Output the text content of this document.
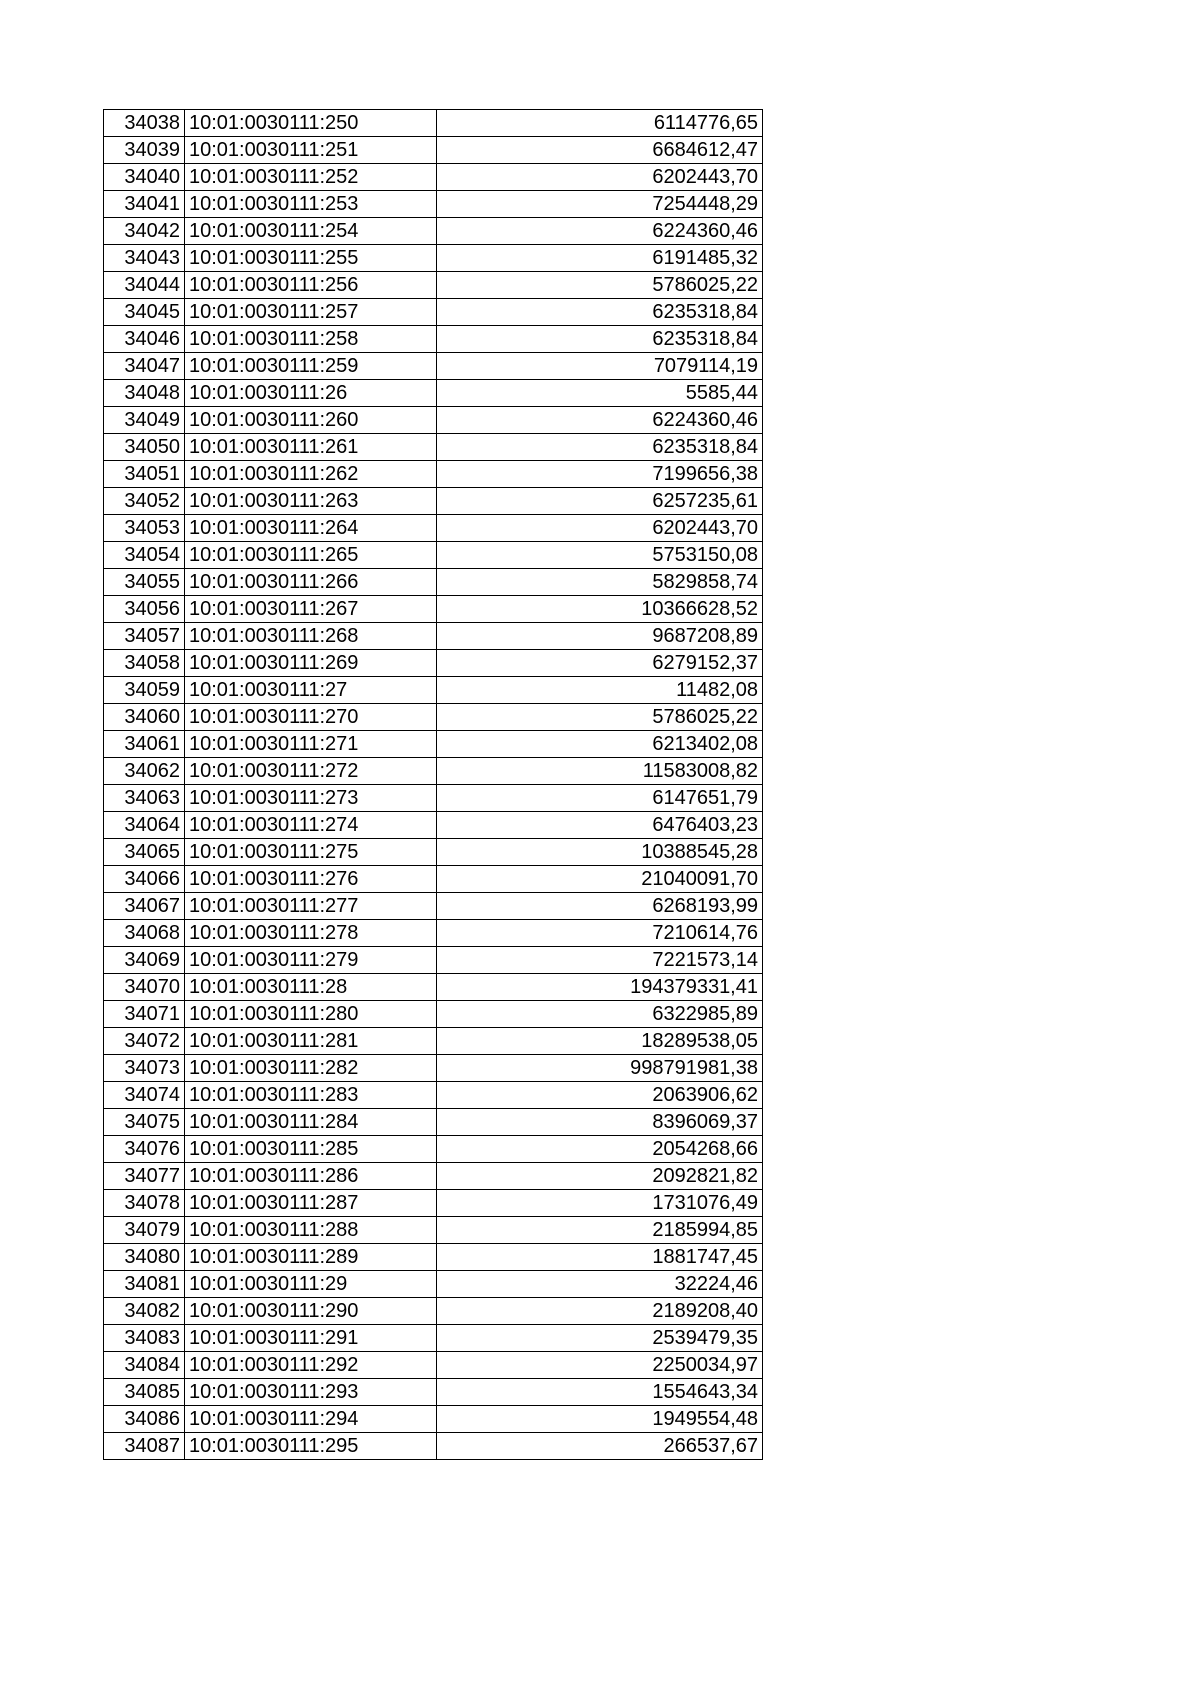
34038	10:01:0030111:250	6114776,65
34039	10:01:0030111:251	6684612,47
34040	10:01:0030111:252	6202443,70
34041	10:01:0030111:253	7254448,29
34042	10:01:0030111:254	6224360,46
34043	10:01:0030111:255	6191485,32
34044	10:01:0030111:256	5786025,22
34045	10:01:0030111:257	6235318,84
34046	10:01:0030111:258	6235318,84
34047	10:01:0030111:259	7079114,19
34048	10:01:0030111:26	5585,44
34049	10:01:0030111:260	6224360,46
34050	10:01:0030111:261	6235318,84
34051	10:01:0030111:262	7199656,38
34052	10:01:0030111:263	6257235,61
34053	10:01:0030111:264	6202443,70
34054	10:01:0030111:265	5753150,08
34055	10:01:0030111:266	5829858,74
34056	10:01:0030111:267	10366628,52
34057	10:01:0030111:268	9687208,89
34058	10:01:0030111:269	6279152,37
34059	10:01:0030111:27	11482,08
34060	10:01:0030111:270	5786025,22
34061	10:01:0030111:271	6213402,08
34062	10:01:0030111:272	11583008,82
34063	10:01:0030111:273	6147651,79
34064	10:01:0030111:274	6476403,23
34065	10:01:0030111:275	10388545,28
34066	10:01:0030111:276	21040091,70
34067	10:01:0030111:277	6268193,99
34068	10:01:0030111:278	7210614,76
34069	10:01:0030111:279	7221573,14
34070	10:01:0030111:28	194379331,41
34071	10:01:0030111:280	6322985,89
34072	10:01:0030111:281	18289538,05
34073	10:01:0030111:282	998791981,38
34074	10:01:0030111:283	2063906,62
34075	10:01:0030111:284	8396069,37
34076	10:01:0030111:285	2054268,66
34077	10:01:0030111:286	2092821,82
34078	10:01:0030111:287	1731076,49
34079	10:01:0030111:288	2185994,85
34080	10:01:0030111:289	1881747,45
34081	10:01:0030111:29	32224,46
34082	10:01:0030111:290	2189208,40
34083	10:01:0030111:291	2539479,35
34084	10:01:0030111:292	2250034,97
34085	10:01:0030111:293	1554643,34
34086	10:01:0030111:294	1949554,48
34087	10:01:0030111:295	266537,67
